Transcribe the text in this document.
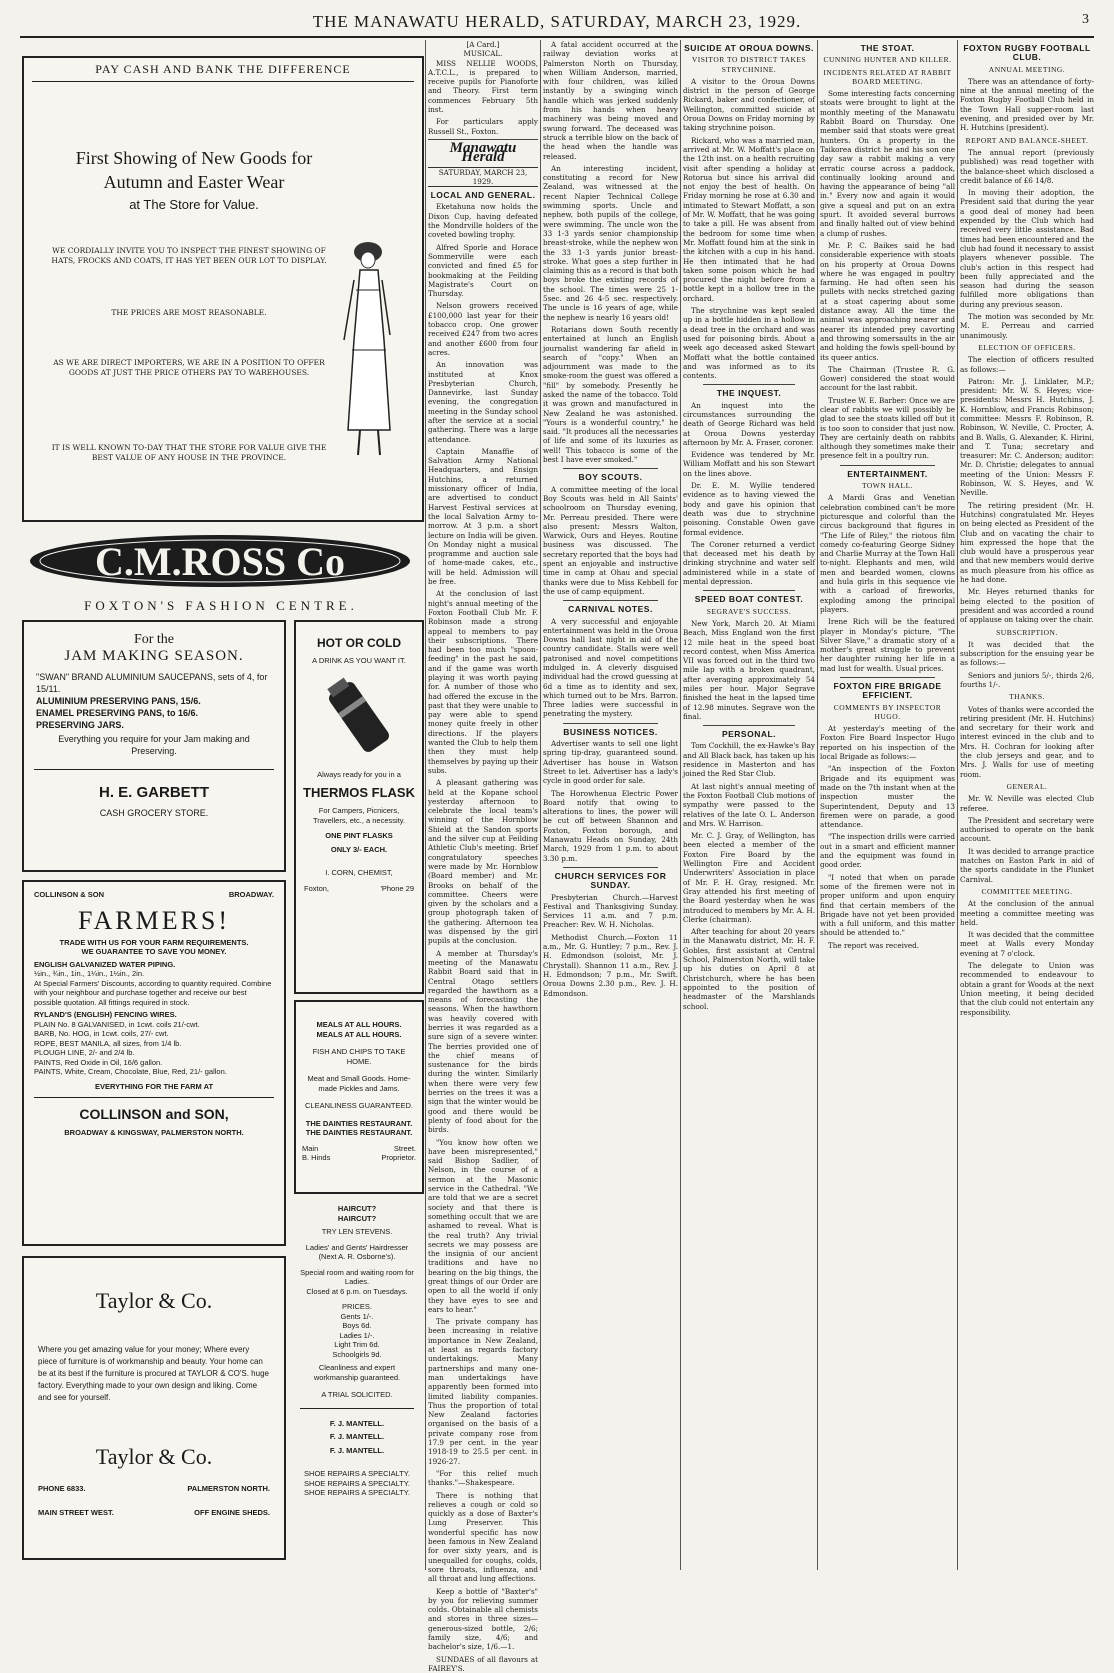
THE MANAWATU HERALD, SATURDAY, MARCH 23, 1929.	3
PAY CASH AND BANK THE DIFFERENCE
First Showing of New Goods for
Autumn and Easter Wear
at The Store for Value.
WE CORDIALLY INVITE YOU TO INSPECT THE FINEST SHOWING OF HATS, FROCKS AND COATS, IT HAS YET BEEN OUR LOT TO DISPLAY.
THE PRICES ARE MOST REASONABLE.
AS WE ARE DIRECT IMPORTERS, WE ARE IN A POSITION TO OFFER GOODS AT JUST THE PRICE OTHERS PAY TO WAREHOUSES.
IT IS WELL KNOWN TO-DAY THAT THE STORE FOR VALUE GIVE THE BEST VALUE OF ANY HOUSE IN THE PROVINCE.
C.M.ROSS Co
FOXTON'S FASHION CENTRE.
For the
JAM MAKING SEASON.
"SWAN" BRAND ALUMINIUM SAUCEPANS, sets of 4, for 15/11.
ALUMINIUM PRESERVING PANS, 15/6.
ENAMEL PRESERVING PANS, to 16/6.
PRESERVING JARS.
Everything you require for your Jam making and Preserving.
H. E. GARBETT
CASH GROCERY STORE.
HOT OR COLD
A DRINK AS YOU WANT IT.
Always ready for you in a
THERMOS FLASK
For Campers, Picnicers, Travellers, etc., a necessity.
ONE PINT FLASKS
ONLY 3/- EACH.
I. CORN, CHEMIST,
Foxton,	'Phone 29
COLLINSON & SON	BROADWAY.
FARMERS!
TRADE WITH US FOR YOUR FARM REQUIREMENTS.
WE GUARANTEE TO SAVE YOU MONEY.
ENGLISH GALVANIZED WATER PIPING.
½in., ¾in., 1in., 1¼in., 1½in., 2in.
At Special Farmers' Discounts, according to quantity required. Combine with your neighbour and purchase together and receive our best possible quotation. All fittings required in stock.
RYLAND'S (ENGLISH) FENCING WIRES.
PLAIN No. 8 GALVANISED, in 1cwt. coils 21/-cwt.
BARB, No. HOG, in 1cwt. coils, 27/- cwt.
ROPE, BEST MANILA, all sizes, from 1/4 lb.
PLOUGH LINE, 2/- and 2/4 lb.
PAINTS, Red Oxide in Oil, 16/6 gallon.
PAINTS, White, Cream, Chocolate, Blue, Red, 21/- gallon.
EVERYTHING FOR THE FARM AT
COLLINSON and SON,
BROADWAY & KINGSWAY, PALMERSTON NORTH.
MEALS AT ALL HOURS.
MEALS AT ALL HOURS.
FISH AND CHIPS TO TAKE HOME.
Meat and Small Goods. Home-made Pickles and Jams.
CLEANLINESS GUARANTEED.
THE DAINTIES RESTAURANT.
THE DAINTIES RESTAURANT.
Main	Street.
B. Hinds	Proprietor.
HAIRCUT?
HAIRCUT?
TRY LEN STEVENS.
Ladies' and Gents' Hairdresser (Next A. R. Osborne's).
Special room and waiting room for Ladies.
Closed at 6 p.m. on Tuesdays.
PRICES.
Gents 1/-.
Boys 6d.
Ladies 1/-.
Light Trim 6d.
Schoolgirls 9d.
Cleanliness and expert workmanship guaranteed.
A TRIAL SOLICITED.
F. J. MANTELL.
F. J. MANTELL.
F. J. MANTELL.
SHOE REPAIRS A SPECIALTY.
SHOE REPAIRS A SPECIALTY.
SHOE REPAIRS A SPECIALTY.
Taylor & Co.
Where you get amazing value for your money; Where every piece of furniture is of workmanship and beauty. Your home can be at its best if the furniture is procured at TAYLOR & CO'S. huge factory. Everything made to your own design and liking. Come and see for yourself.
Taylor & Co.
PHONE 6833.	PALMERSTON NORTH.
MAIN STREET WEST.	OFF ENGINE SHEDS.
[A Card.]
MUSICAL.

MISS NELLIE WOODS, A.T.C.L., is prepared to receive pupils for Pianoforte and Theory. First term commences February 5th inst.

For particulars apply Russell St., Foxton.

Manawatu Herald
SATURDAY, MARCH 23, 1929.
LOCAL AND GENERAL.

Eketahuna now holds the Dixon Cup, having defeated the Mondrville holders of the coveted bowling trophy.

Alfred Sporle and Horace Sommerville were each convicted and fined £5 for bookmaking at the Feilding Magistrate's Court on Thursday.

Nelson growers received £100,000 last year for their tobacco crop. One grower received £247 from two acres and another £600 from four acres.

An innovation was instituted at Knox Presbyterian Church, Dannevirke, last Sunday evening, the congregation meeting in the Sunday school after the service at a social gathering. There was a large attendance.

Captain Manaffie of Salvation Army National Headquarters, and Ensign Hutchins, a returned missionary officer of India, are advertised to conduct Harvest Festival services at the local Salvation Army to-morrow. At 3 p.m. a short lecture on India will be given. On Monday night a musical programme and auction sale of home-made cakes, etc., will be held. Admission will be free.

At the conclusion of last night's annual meeting of the Foxton Football Club Mr. F. Robinson made a strong appeal to members to pay their subscriptions. There had been too much "spoon-feeding" in the past he said, and if the game was worth playing it was worth paying for. A number of those who had offered the excuse in the past that they were unable to pay were able to spend money quite freely in other directions. If the players wanted the Club to help them then they must help themselves by paying up their subs.

A pleasant gathering was held at the Kopane school yesterday afternoon to celebrate the local team's winning of the Hornblow Shield at the Sandon sports and the silver cup at Feilding Athletic Club's meeting. Brief congratulatory speeches were made by Mr. Hornblow (Board member) and Mr. Brooks on behalf of the committee. Cheers were given by the scholars and a group photograph taken of the gathering. Afternoon tea was dispensed by the girl pupils at the conclusion.

A member at Thursday's meeting of the Manawatu Rabbit Board said that in Central Otago settlers regarded the hawthorn as a means of forecasting the seasons. When the hawthorn was heavily covered with berries it was regarded as a sure sign of a severe winter. The berries provided one of the chief means of sustenance for the birds during the winter. Similarly when there were very few berries on the trees it was a sign that the winter would be good and there would be plenty of food about for the birds.

"You know how often we have been misrepresented," said Bishop Sadlier, of Nelson, in the course of a sermon at the Masonic service in the Cathedral. "We are told that we are a secret society and that there is something occult that we are ashamed to reveal. What is the real truth? Any trivial secrets we may possess are the insignia of our ancient traditions and have no bearing on the big things, the great things of our Order are open to all the world if only they have eyes to see and ears to hear."

The private company has been increasing in relative importance in New Zealand, at least as regards factory undertakings. Many partnerships and many one-man undertakings have apparently been formed into limited liability companies. Thus the proportion of total New Zealand factories organised on the basis of a private company rose from 17.9 per cent. in the year 1918-19 to 25.5 per cent. in 1926-27.

"For this relief much thanks."—Shakespeare.

There is nothing that relieves a cough or cold so quickly as a dose of Baxter's Lung Preserver. This wonderful specific has now been famous in New Zealand for over sixty years, and is unequalled for coughs, colds, sore throats, influenza, and all throat and lung affections.

Keep a bottle of "Baxter's" by you for relieving summer colds. Obtainable all chemists and stores in three sizes—generous-sized bottle, 2/6; family size, 4/6; and bachelor's size, 1/6.—1.

SUNDAES of all flavours at FAIREY'S.

A fatal accident occurred at the railway deviation works at Palmerston North on Thursday, when William Anderson, married, with four children, was killed instantly by a swinging winch handle which was jerked suddenly from his hands when heavy machinery was being moved and swung forward. The deceased was struck a terrible blow on the back of the head when the handle was released.

An interesting incident, constituting a record for New Zealand, was witnessed at the recent Napier Technical College swimming sports. Uncle and nephew, both pupils of the college, were swimming. The uncle won the 33 1-3 yards senior championship breast-stroke, while the nephew won the 33 1-3 yards junior breast-stroke. What goes a step further in claiming this as a record is that both boys broke the existing records of the school. The times were 25 1-5sec. and 26 4-5 sec. respectively. The uncle is 16 years of age, while the nephew is nearly 16 years old!

Rotarians down South recently entertained at lunch an English journalist wandering far afield in search of "copy." When an adjournment was made to the smoke-room the guest was offered a "fill" by somebody. Presently he asked the name of the tobacco. Told it was grown and manufactured in New Zealand he was astonished. "Yours is a wonderful country," he said. "It produces all the necessaries of life and some of its luxuries as well! This tobacco is some of the best I have ever smoked."

BOY SCOUTS.

A committee meeting of the local Boy Scouts was held in All Saints' schoolroom on Thursday evening, Mr. Perreau presided. There were also present: Messrs Walton, Warwick, Ours and Heyes. Routine business was discussed. The secretary reported that the boys had spent an enjoyable and instructive time in camp at Ohau and special thanks were due to Miss Kebbell for the use of camp equipment.

CARNIVAL NOTES.

A very successful and enjoyable entertainment was held in the Oroua Downs hall last night in aid of the country candidate. Stalls were well patronised and novel competitions indulged in. A cleverly disguised individual had the crowd guessing at 6d a time as to identity and sex, which turned out to be Mrs. Barron. Three ladies were successful in penetrating the mystery.

BUSINESS NOTICES.

Advertiser wants to sell one light spring tip-dray, guaranteed sound. Advertiser has house in Watson Street to let. Advertiser has a lady's cycle in good order for sale.

The Horowhenua Electric Power Board notify that owing to alterations to lines, the power will be cut off between Shannon and Foxton, Foxton borough, and Manawatu Heads on Sunday, 24th March, 1929 from 1 p.m. to about 3.30 p.m.

CHURCH SERVICES FOR SUNDAY.

Presbyterian Church.—Harvest Festival and Thanksgiving Sunday. Services 11 a.m. and 7 p.m. Preacher: Rev. W. H. Nicholas.

Methodist Church.—Foxton 11 a.m., Mr. G. Huntley; 7 p.m., Rev. J. H. Edmondson (soloist, Mr. J. Chrystall). Shannon 11 a.m., Rev. J. H. Edmondson; 7 p.m., Mr. Swift. Oroua Downs 2.30 p.m., Rev. J. H. Edmondson.

SUICIDE AT OROUA DOWNS.
VISITOR TO DISTRICT TAKES STRYCHNINE.

A visitor to the Oroua Downs district in the person of George Rickard, baker and confectioner, of Wellington, committed suicide at Oroua Downs on Friday morning by taking strychnine poison.

Rickard, who was a married man, arrived at Mr. W. Moffatt's place on the 12th inst. on a health recruiting visit after spending a holiday at Rotorua but since his arrival did not enjoy the best of health. On Friday morning he rose at 6.30 and intimated to Stewart Moffatt, a son of Mr. W. Moffatt, that he was going to take a pill. He was absent from the bedroom for some time when Mr. Moffatt found him at the sink in the kitchen with a cup in his hand. He then intimated that he had taken some poison which he had procured the night before from a bottle kept in a hollow tree in the orchard.

The strychnine was kept sealed up in a bottle hidden in a hollow in a dead tree in the orchard and was used for poisoning birds. About a week ago deceased asked Stewart Moffatt what the bottle contained and was informed as to its contents.

THE INQUEST.

An inquest into the circumstances surrounding the death of George Richard was held at Oroua Downs yesterday afternoon by Mr. A. Fraser, coroner.

Evidence was tendered by Mr. William Moffatt and his son Stewart on the lines above.

Dr. E. M. Wyllie tendered evidence as to having viewed the body and gave his opinion that death was due to strychnine poisoning. Constable Owen gave formal evidence.

The Coroner returned a verdict that deceased met his death by drinking strychnine and water self administered while in a state of mental depression.

SPEED BOAT CONTEST.
SEGRAVE'S SUCCESS.

New York, March 20. At Miami Beach, Miss England won the first 12 mile heat in the speed boat record contest, when Miss America VII was forced out in the third two mile lap with a broken quadrant, after averaging approximately 54 miles per hour. Major Segrave finished the heat in the lapsed time of 12.98 minutes. Segrave won the final.

PERSONAL.

Tom Cockhill, the ex-Hawke's Bay and All Black back, has taken up his residence in Masterton and has joined the Red Star Club.

At last night's annual meeting of the Foxton Football Club motions of sympathy were passed to the relatives of the late O. L. Anderson and Mrs. W. Harrison.

Mr. C. J. Gray, of Wellington, has been elected a member of the Foxton Fire Board by the Wellington Fire and Accident Underwriters' Association in place of Mr. F. H. Gray, resigned. Mr. Gray attended his first meeting of the Board yesterday when he was introduced to members by Mr. A. H. Clerke (chairman).

After teaching for about 20 years in the Manawatu district, Mr. H. F. Gobles, first assistant at Central School, Palmerston North, will take up his duties on April 8 at Christchurch, where he has been appointed to the position of headmaster of the Marshlands school.

THE STOAT.
CUNNING HUNTER AND KILLER.
INCIDENTS RELATED AT RABBIT BOARD MEETING.

Some interesting facts concerning stoats were brought to light at the monthly meeting of the Manawatu Rabbit Board on Thursday. One member said that stoats were great hunters. On a property in the Taikorea district he and his son one day saw a rabbit making a very erratic course across a paddock, continually looking around and having the appearance of being "all in." Every now and again it would give a squeal and put on an extra spurt. It avoided several burrows and finally halted out of view behind a clump of rushes.

Mr. P. C. Baikes said he had considerable experience with stoats on his property at Oroua Downs where he was engaged in poultry farming. He had often seen his pullets with necks stretched gazing at a stoat capering about some distance away. All the time the animal was approaching nearer and nearer its intended prey cavorting and throwing somersaults in the air and holding the fowls spell-bound by its queer antics.

The Chairman (Trustee R. G. Gower) considered the stoat would account for the last rabbit.

Trustee W. E. Barber: Once we are clear of rabbits we will possibly be glad to see the stoats killed off but it is too soon to consider that just now. They are certainly death on rabbits although they sometimes make their presence felt in a poultry run.

ENTERTAINMENT.
TOWN HALL.

A Mardi Gras and Venetian celebration combined can't be more picturesque and colorful than the circus background that figures in "The Life of Riley," the riotous film comedy co-featuring George Sidney and Charlie Murray at the Town Hall to-night. Elephants and men, wild men and bearded women, clowns and hula girls in this sequence vie with a carload of fireworks, exploding among the principal players.

Irene Rich will be the featured player in Monday's picture, "The Silver Slave," a dramatic story of a mother's great struggle to prevent her daughter ruining her life in a mad lust for wealth. Usual prices.

FOXTON FIRE BRIGADE EFFICIENT.
COMMENTS BY INSPECTOR HUGO.

At yesterday's meeting of the Foxton Fire Board Inspector Hugo reported on his inspection of the local Brigade as follows:—

"An inspection of the Foxton Brigade and its equipment was made on the 7th instant when at the inspection muster the Superintendent, Deputy and 13 firemen were on parade, a good attendance.

"The inspection drills were carried out in a smart and efficient manner and the equipment was found in good order.

"I noted that when on parade some of the firemen were not in proper uniform and upon enquiry find that certain members of the Brigade have not yet been provided with a full uniform, and this matter should be attended to."

The report was received.

FOXTON RUGBY FOOTBALL CLUB.
ANNUAL MEETING.

There was an attendance of forty-nine at the annual meeting of the Foxton Rugby Football Club held in the Town Hall supper-room last evening, and presided over by Mr. H. Hutchins (president).

REPORT AND BALANCE-SHEET.

The annual report (previously published) was read together with the balance-sheet which disclosed a credit balance of £6 14/8.

In moving their adoption, the President said that during the year a good deal of money had been expended by the Club which had received very little assistance. Bad times had been encountered and the club had found it necessary to assist players whenever possible. The club's action in this respect had been fully appreciated and the season had during the season fulfilled more obligations than during any previous season.

The motion was seconded by Mr. M. E. Perreau and carried unanimously.

ELECTION OF OFFICERS.

The election of officers resulted as follows:—

Patron: Mr. J. Linklater, M.P.; president: Mr. W. S. Heyes; vice-presidents: Messrs H. Hutchins, J. K. Hornblow, and Francis Robinson; committee: Messrs F. Robinson, R. Robinson, W. Neville, C. Procter, A. and B. Walls, G. Alexander, K. Hirini, and T. Tuna; secretary and treasurer: Mr. C. Anderson; auditor: Mr. D. Christie; delegates to annual meeting of the Union: Messrs F. Robinson, W. S. Heyes, and W. Neville.

The retiring president (Mr. H. Hutchins) congratulated Mr. Heyes on being elected as President of the Club and on vacating the chair to him expressed the hope that the club would have a prosperous year and that new members would derive as much pleasure from his office as he had done.

Mr. Heyes returned thanks for being elected to the position of president and was accorded a round of applause on taking over the chair.

SUBSCRIPTION.

It was decided that the subscription for the ensuing year be as follows:—

Seniors and juniors 5/-, thirds 2/6, fourths 1/-.

THANKS.

Votes of thanks were accorded the retiring president (Mr. H. Hutchins) and secretary for their work and interest evinced in the club and to Mrs. H. Cochran for looking after the club jerseys and gear, and to Mrs. J. Walls for use of meeting room.

GENERAL.

Mr. W. Neville was elected Club referee.

The President and secretary were authorised to operate on the bank account.

It was decided to arrange practice matches on Easton Park in aid of the sports candidate in the Plunket Carnival.

COMMITTEE MEETING.

At the conclusion of the annual meeting a committee meeting was held.

It was decided that the committee meet at Walls every Monday evening at 7 o'clock.

The delegate to Union was recommended to endeavour to obtain a grant for Woods at the next Union meeting, it being decided that the club could not entertain any responsibility.
